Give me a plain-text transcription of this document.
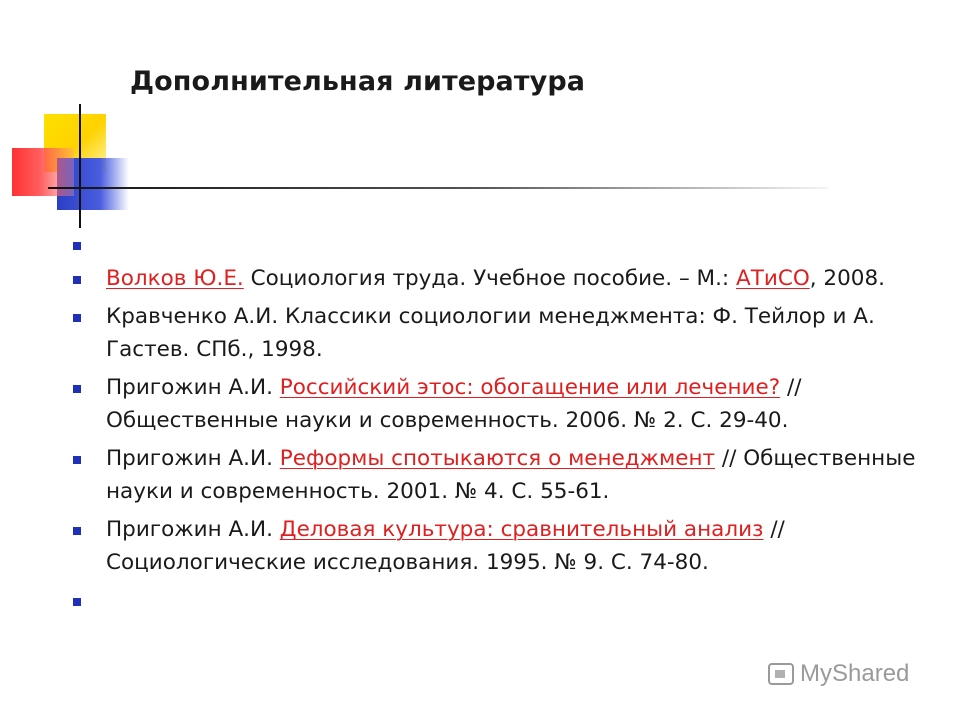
Дополнительная литература
Волков Ю.Е. Социология труда. Учебное пособие. – М.: АТиСО, 2008.
Кравченко А.И. Классики социологии менеджмента: Ф. Тейлор и А. Гастев. СПб., 1998.
Пригожин А.И. Российский этос: обогащение или лечение? // Общественные науки и современность. 2006. № 2. С. 29-40.
Пригожин А.И. Реформы спотыкаются о менеджмент // Общественные науки и современность. 2001. № 4. С. 55-61.
Пригожин А.И. Деловая культура: сравнительный анализ // Социологические исследования. 1995. № 9. С. 74-80.
MyShared
